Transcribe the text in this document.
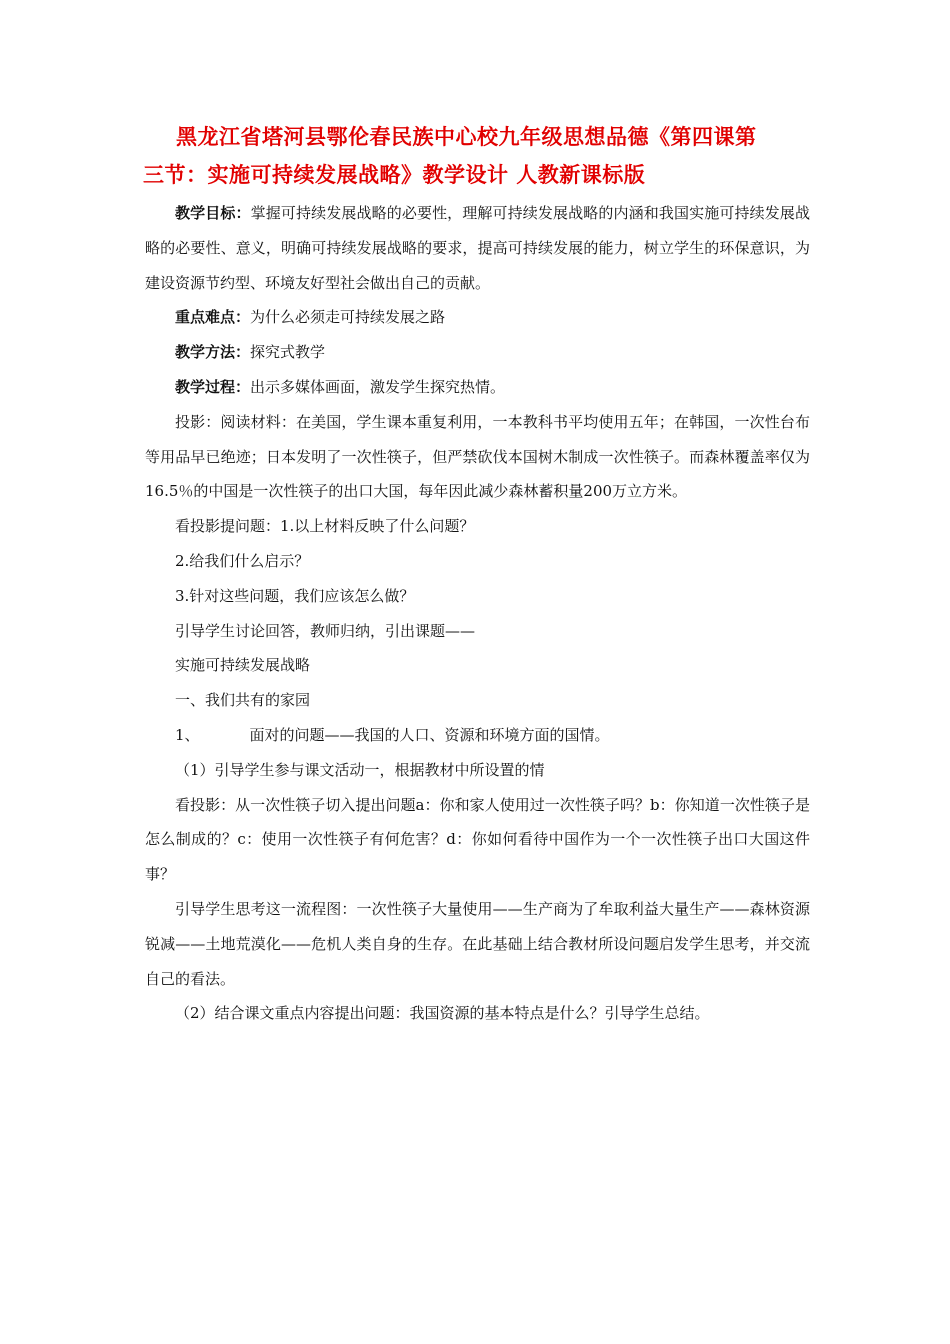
黑龙江省塔河县鄂伦春民族中心校九年级思想品德《第四课第
三节：实施可持续发展战略》教学设计 人教新课标版

教学目标：掌握可持续发展战略的必要性，理解可持续发展战略的内涵和我国实施可持续发展战略的必要性、意义，明确可持续发展战略的要求，提高可持续发展的能力，树立学生的环保意识，为建设资源节约型、环境友好型社会做出自己的贡献。

重点难点：为什么必须走可持续发展之路

教学方法：探究式教学

教学过程：出示多媒体画面，激发学生探究热情。

投影：阅读材料：在美国，学生课本重复利用，一本教科书平均使用五年；在韩国，一次性台布等用品早已绝迹；日本发明了一次性筷子，但严禁砍伐本国树木制成一次性筷子。而森林覆盖率仅为16.5％的中国是一次性筷子的出口大国，每年因此减少森林蓄积量200万立方米。

看投影提问题：1.以上材料反映了什么问题？

2.给我们什么启示？

3.针对这些问题，我们应该怎么做？

引导学生讨论回答，教师归纳，引出课题——

实施可持续发展战略

一、我们共有的家园

1、	面对的问题——我国的人口、资源和环境方面的国情。

（1）引导学生参与课文活动一，根据教材中所设置的情

看投影：从一次性筷子切入提出问题a：你和家人使用过一次性筷子吗？b：你知道一次性筷子是怎么制成的？c：使用一次性筷子有何危害？d：你如何看待中国作为一个一次性筷子出口大国这件事？

引导学生思考这一流程图：一次性筷子大量使用——生产商为了牟取利益大量生产——森林资源锐减——土地荒漠化——危机人类自身的生存。在此基础上结合教材所设问题启发学生思考，并交流自己的看法。

（2）结合课文重点内容提出问题：我国资源的基本特点是什么？引导学生总结。
